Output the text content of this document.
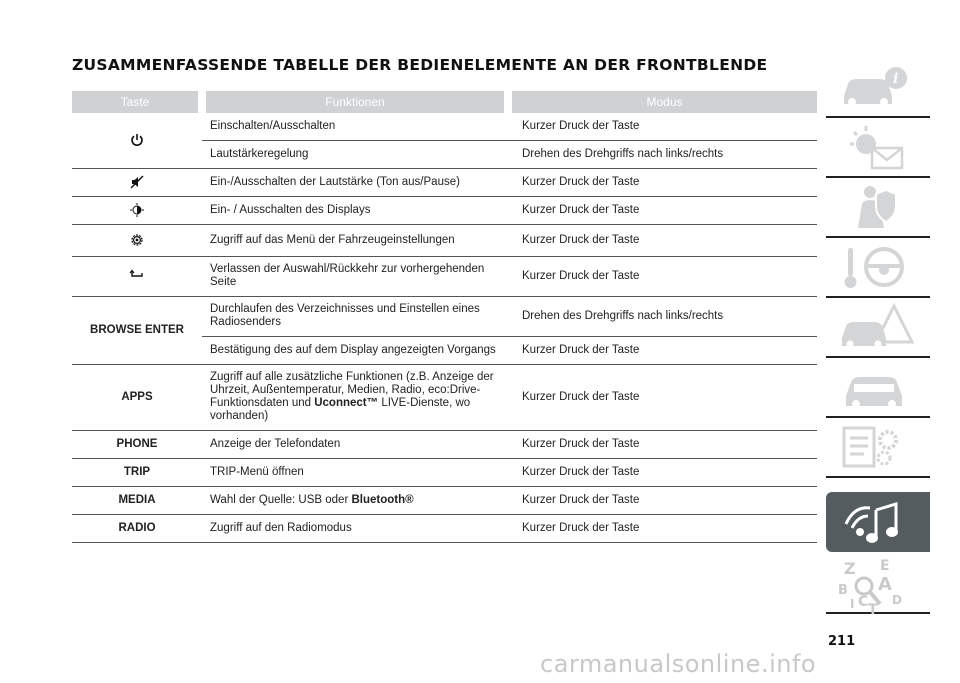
ZUSAMMENFASSENDE TABELLE DER BEDIENELEMENTE AN DER FRONTBLENDE
Taste	Funktionen	Modus
	Einschalten/Ausschalten	Kurzer Druck der Taste
	Lautstärkeregelung	Drehen des Drehgriffs nach links/rechts
	Ein-/Ausschalten der Lautstärke (Ton aus/Pause)	Kurzer Druck der Taste
	Ein- / Ausschalten des Displays	Kurzer Druck der Taste
	Zugriff auf das Menü der Fahrzeugeinstellungen	Kurzer Druck der Taste
	Verlassen der Auswahl/Rückkehr zur vorhergehenden Seite	Kurzer Druck der Taste
BROWSE ENTER	Durchlaufen des Verzeichnisses und Einstellen eines Radiosenders	Drehen des Drehgriffs nach links/rechts
	Bestätigung des auf dem Display angezeigten Vorgangs	Kurzer Druck der Taste
APPS	Zugriff auf alle zusätzliche Funktionen (z.B. Anzeige der Uhrzeit, Außentemperatur, Medien, Radio, eco:Drive-Funktionsdaten und Uconnect™ LIVE-Dienste, wo vorhanden)	Kurzer Druck der Taste
PHONE	Anzeige der Telefondaten	Kurzer Druck der Taste
TRIP	TRIP-Menü öffnen	Kurzer Druck der Taste
MEDIA	Wahl der Quelle: USB oder Bluetooth®	Kurzer Druck der Taste
RADIO	Zugriff auf den Radiomodus	Kurzer Druck der Taste
i
Z E
A
B
C D
T
I
211
carmanualsonline.info
